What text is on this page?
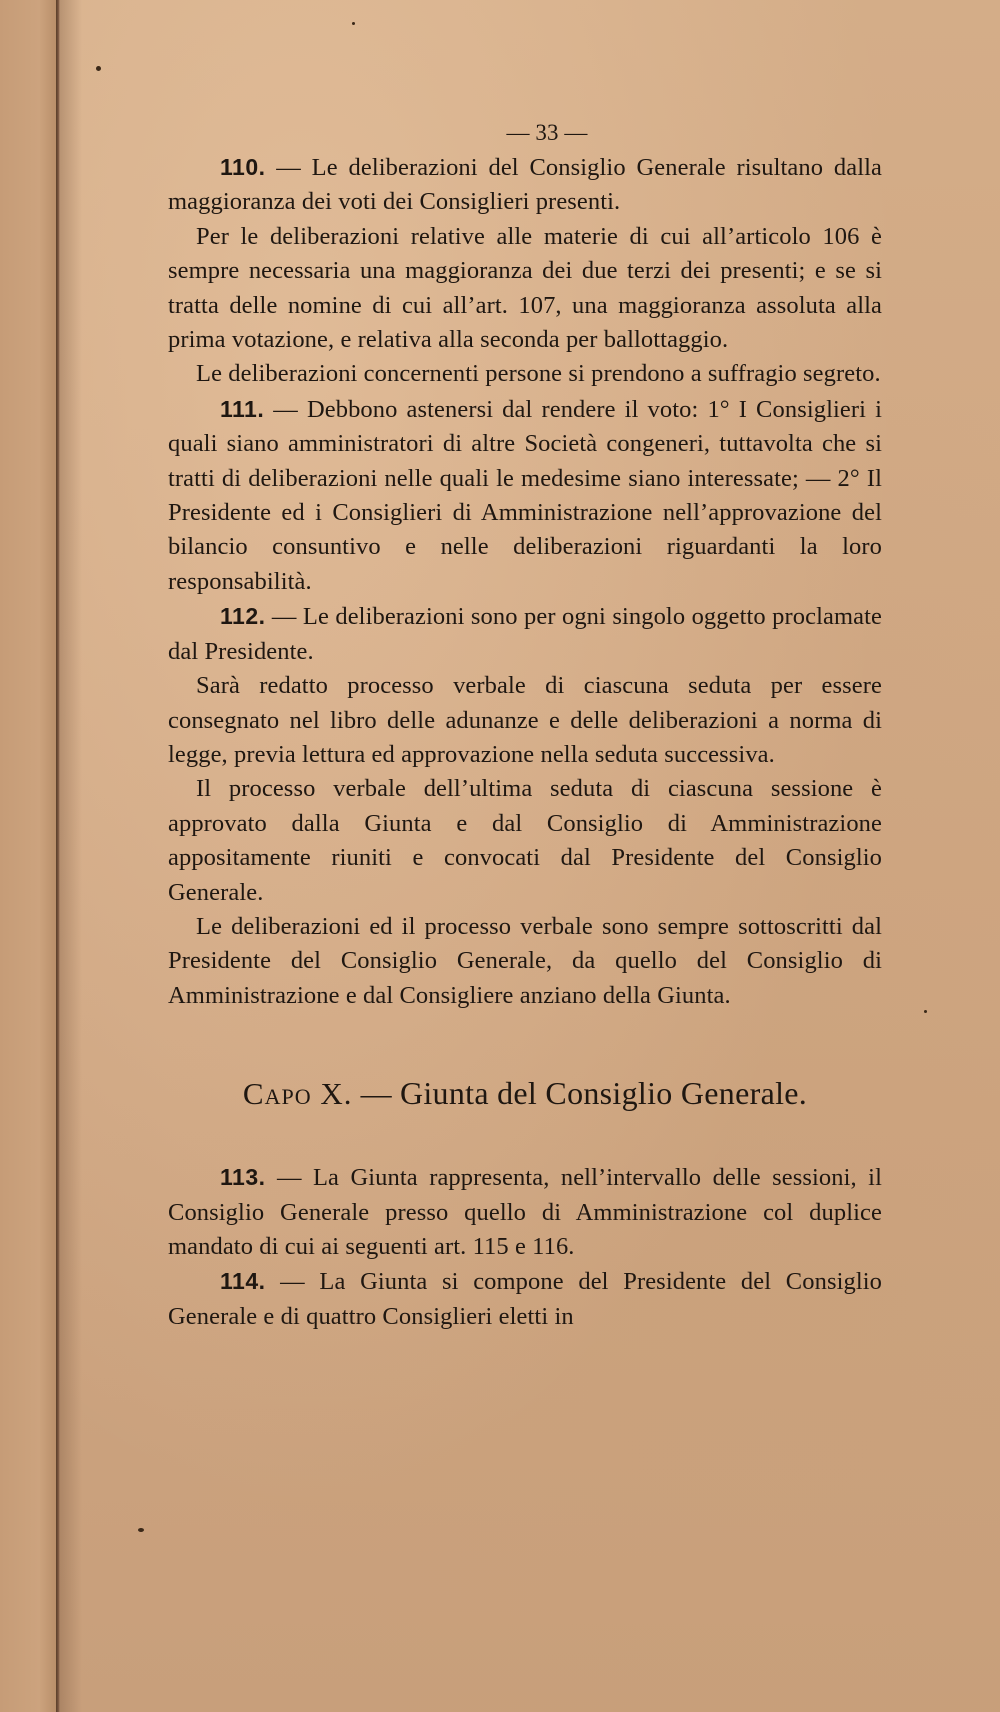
— 33 —

110. — Le deliberazioni del Consiglio Generale risultano dalla maggioranza dei voti dei Consiglieri presenti.

Per le deliberazioni relative alle materie di cui all’articolo 106 è sempre necessaria una maggioranza dei due terzi dei presenti; e se si tratta delle nomine di cui all’art. 107, una maggioranza assoluta alla prima votazione, e relativa alla seconda per ballottaggio.

Le deliberazioni concernenti persone si prendono a suffragio segreto.

111. — Debbono astenersi dal rendere il voto: 1° I Consiglieri i quali siano amministratori di altre Società congeneri, tuttavolta che si tratti di deliberazioni nelle quali le medesime siano interessate; — 2° Il Presidente ed i Consiglieri di Amministrazione nell’approvazione del bilancio consuntivo e nelle deliberazioni riguardanti la loro responsabilità.

112. — Le deliberazioni sono per ogni singolo oggetto proclamate dal Presidente.

Sarà redatto processo verbale di ciascuna seduta per essere consegnato nel libro delle adunanze e delle deliberazioni a norma di legge, previa lettura ed approvazione nella seduta successiva.

Il processo verbale dell’ultima seduta di ciascuna sessione è approvato dalla Giunta e dal Consiglio di Amministrazione appositamente riuniti e convocati dal Presidente del Consiglio Generale.

Le deliberazioni ed il processo verbale sono sempre sottoscritti dal Presidente del Consiglio Generale, da quello del Consiglio di Amministrazione e dal Consigliere anziano della Giunta.

Capo X. — Giunta del Consiglio Generale.

113. — La Giunta rappresenta, nell’intervallo delle sessioni, il Consiglio Generale presso quello di Amministrazione col duplice mandato di cui ai seguenti art. 115 e 116.

114. — La Giunta si compone del Presidente del Consiglio Generale e di quattro Consiglieri eletti in
